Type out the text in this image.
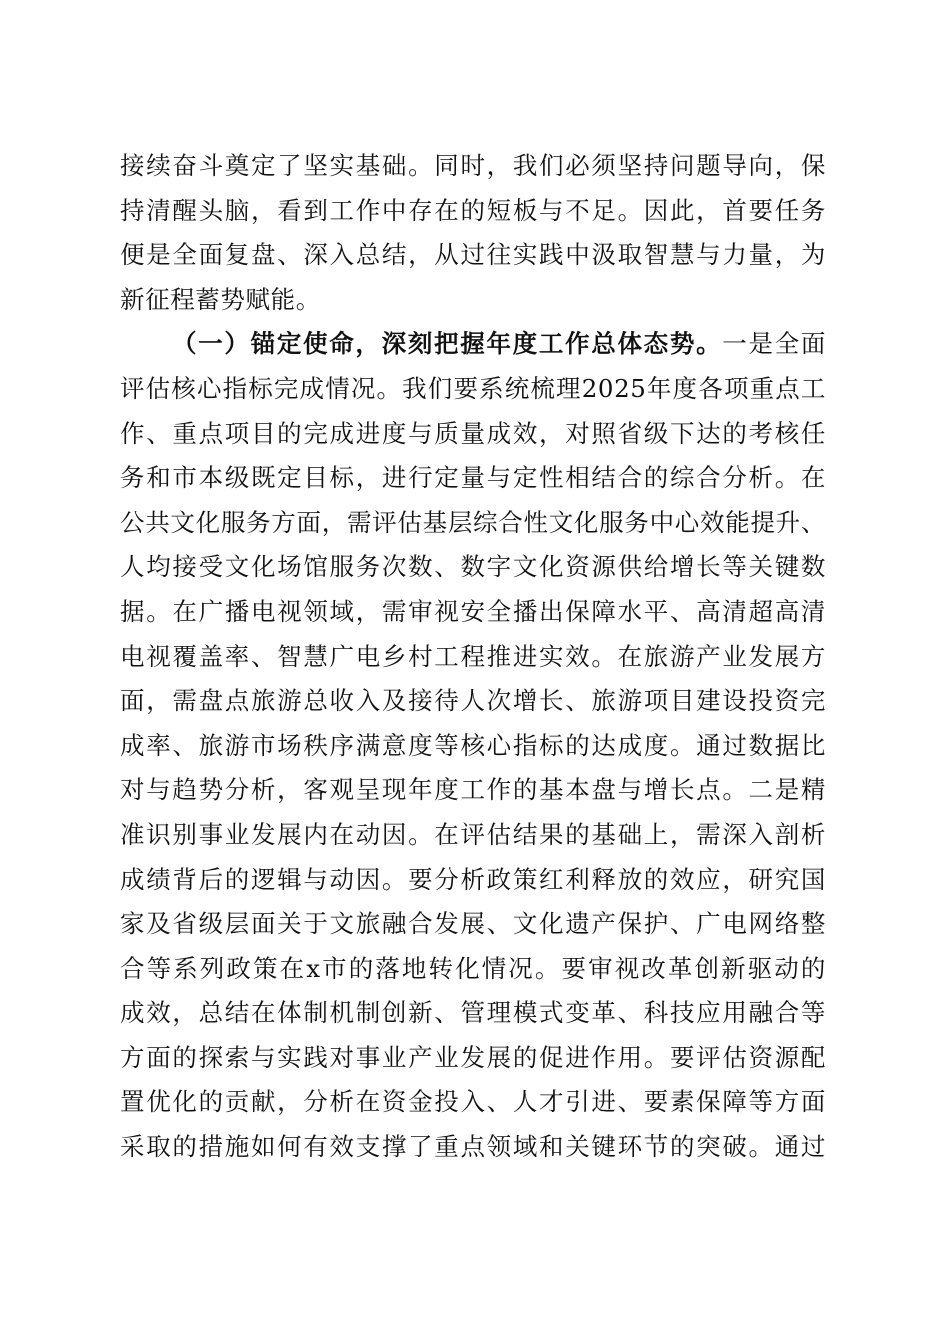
接续奋斗奠定了坚实基础。同时，我们必须坚持问题导向，保
持清醒头脑，看到工作中存在的短板与不足。因此，首要任务
便是全面复盘、深入总结，从过往实践中汲取智慧与力量，为
新征程蓄势赋能。
（一）锚定使命，深刻把握年度工作总体态势。一是全面
评估核心指标完成情况。我们要系统梳理2025年度各项重点工
作、重点项目的完成进度与质量成效，对照省级下达的考核任
务和市本级既定目标，进行定量与定性相结合的综合分析。在
公共文化服务方面，需评估基层综合性文化服务中心效能提升、
人均接受文化场馆服务次数、数字文化资源供给增长等关键数
据。在广播电视领域，需审视安全播出保障水平、高清超高清
电视覆盖率、智慧广电乡村工程推进实效。在旅游产业发展方
面，需盘点旅游总收入及接待人次增长、旅游项目建设投资完
成率、旅游市场秩序满意度等核心指标的达成度。通过数据比
对与趋势分析，客观呈现年度工作的基本盘与增长点。二是精
准识别事业发展内在动因。在评估结果的基础上，需深入剖析
成绩背后的逻辑与动因。要分析政策红利释放的效应，研究国
家及省级层面关于文旅融合发展、文化遗产保护、广电网络整
合等系列政策在x市的落地转化情况。要审视改革创新驱动的
成效，总结在体制机制创新、管理模式变革、科技应用融合等
方面的探索与实践对事业产业发展的促进作用。要评估资源配
置优化的贡献，分析在资金投入、人才引进、要素保障等方面
采取的措施如何有效支撑了重点领域和关键环节的突破。通过
